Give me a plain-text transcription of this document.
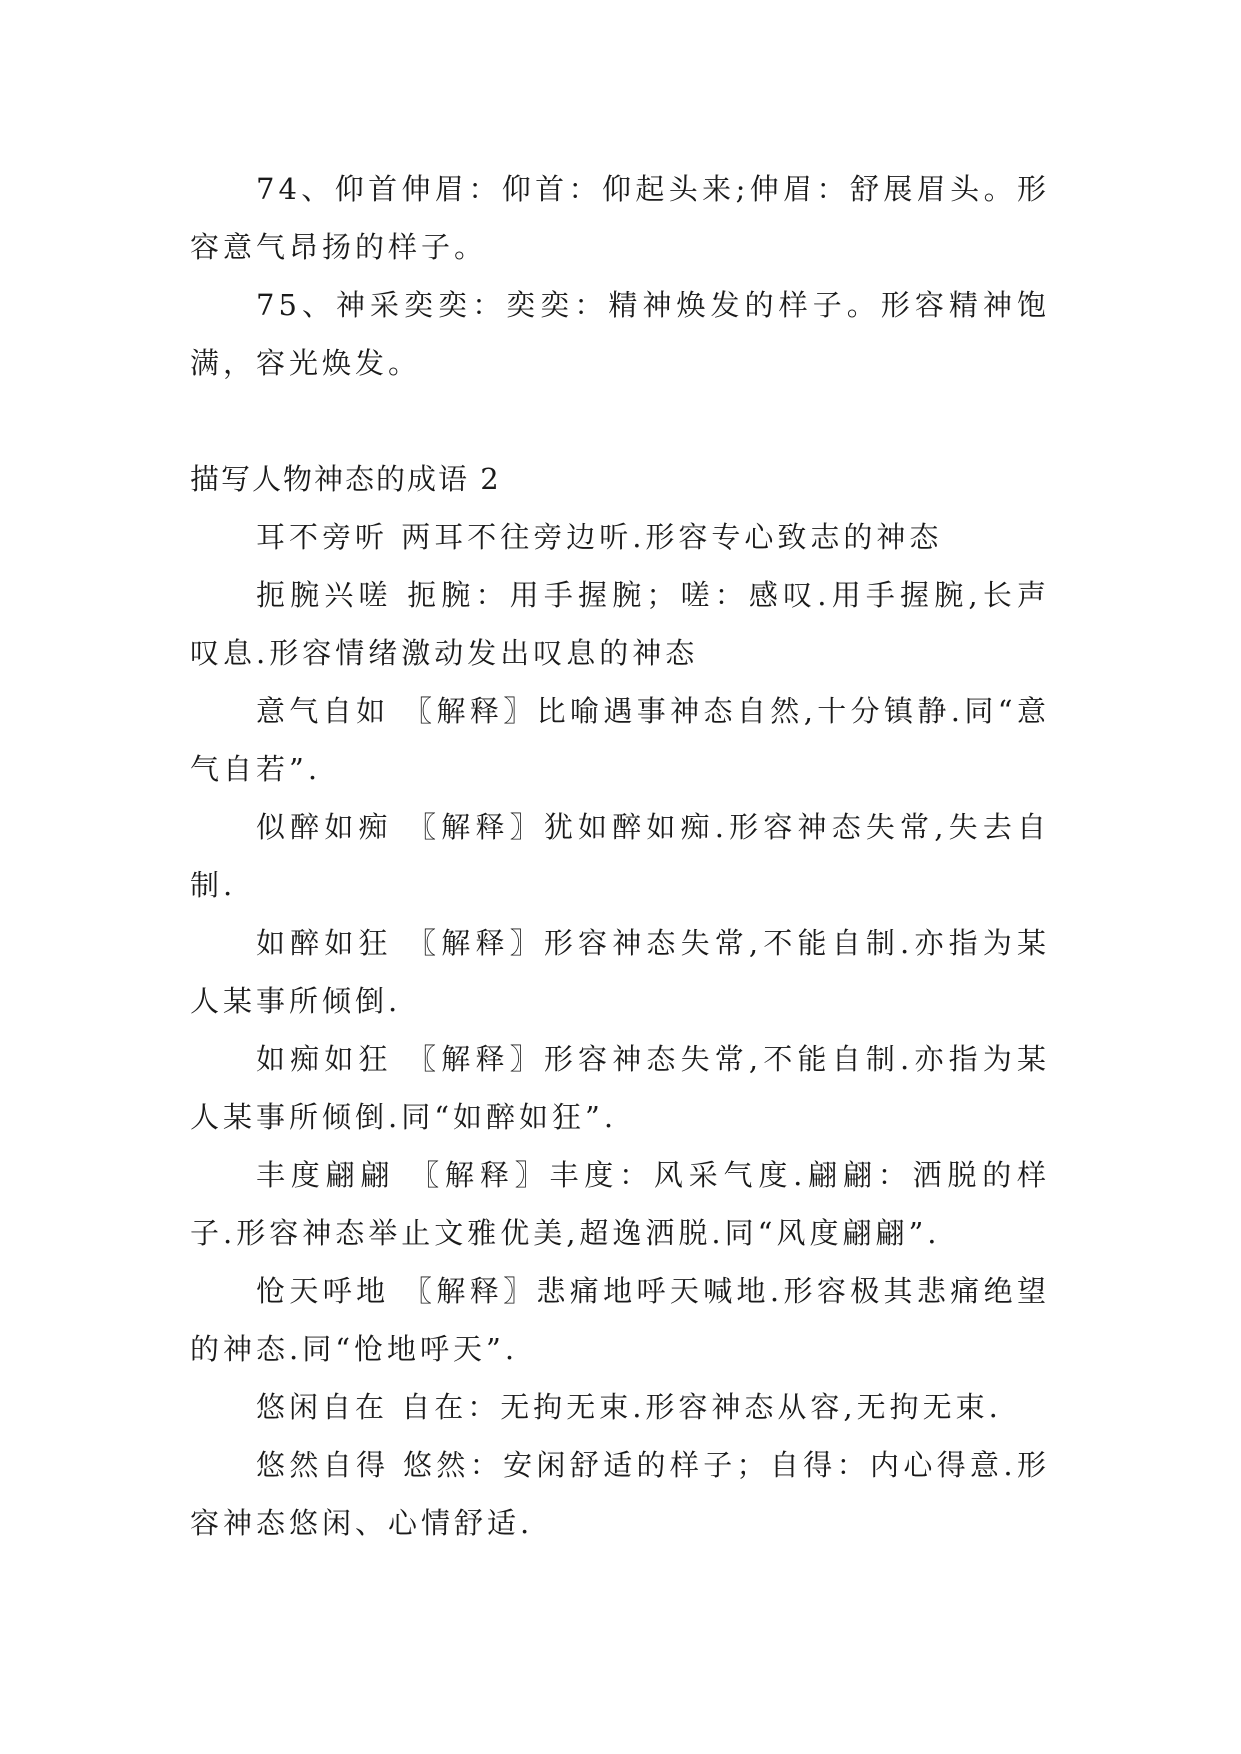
74、仰首伸眉：仰首：仰起头来;伸眉：舒展眉头。形容意气昂扬的样子。

75、神采奕奕：奕奕：精神焕发的样子。形容精神饱满，容光焕发。

描写人物神态的成语 2

耳不旁听 两耳不往旁边听.形容专心致志的神态

扼腕兴嗟 扼腕：用手握腕；嗟：感叹.用手握腕,长声叹息.形容情绪激动发出叹息的神态

意气自如 〖解释〗比喻遇事神态自然,十分镇静.同“意气自若”.

似醉如痴 〖解释〗犹如醉如痴.形容神态失常,失去自制.

如醉如狂 〖解释〗形容神态失常,不能自制.亦指为某人某事所倾倒.

如痴如狂 〖解释〗形容神态失常,不能自制.亦指为某人某事所倾倒.同“如醉如狂”.

丰度翩翩 〖解释〗丰度：风采气度.翩翩：洒脱的样子.形容神态举止文雅优美,超逸洒脱.同“风度翩翩”.

怆天呼地 〖解释〗悲痛地呼天喊地.形容极其悲痛绝望的神态.同“怆地呼天”.

悠闲自在 自在：无拘无束.形容神态从容,无拘无束.

悠然自得 悠然：安闲舒适的样子；自得：内心得意.形容神态悠闲、心情舒适.
